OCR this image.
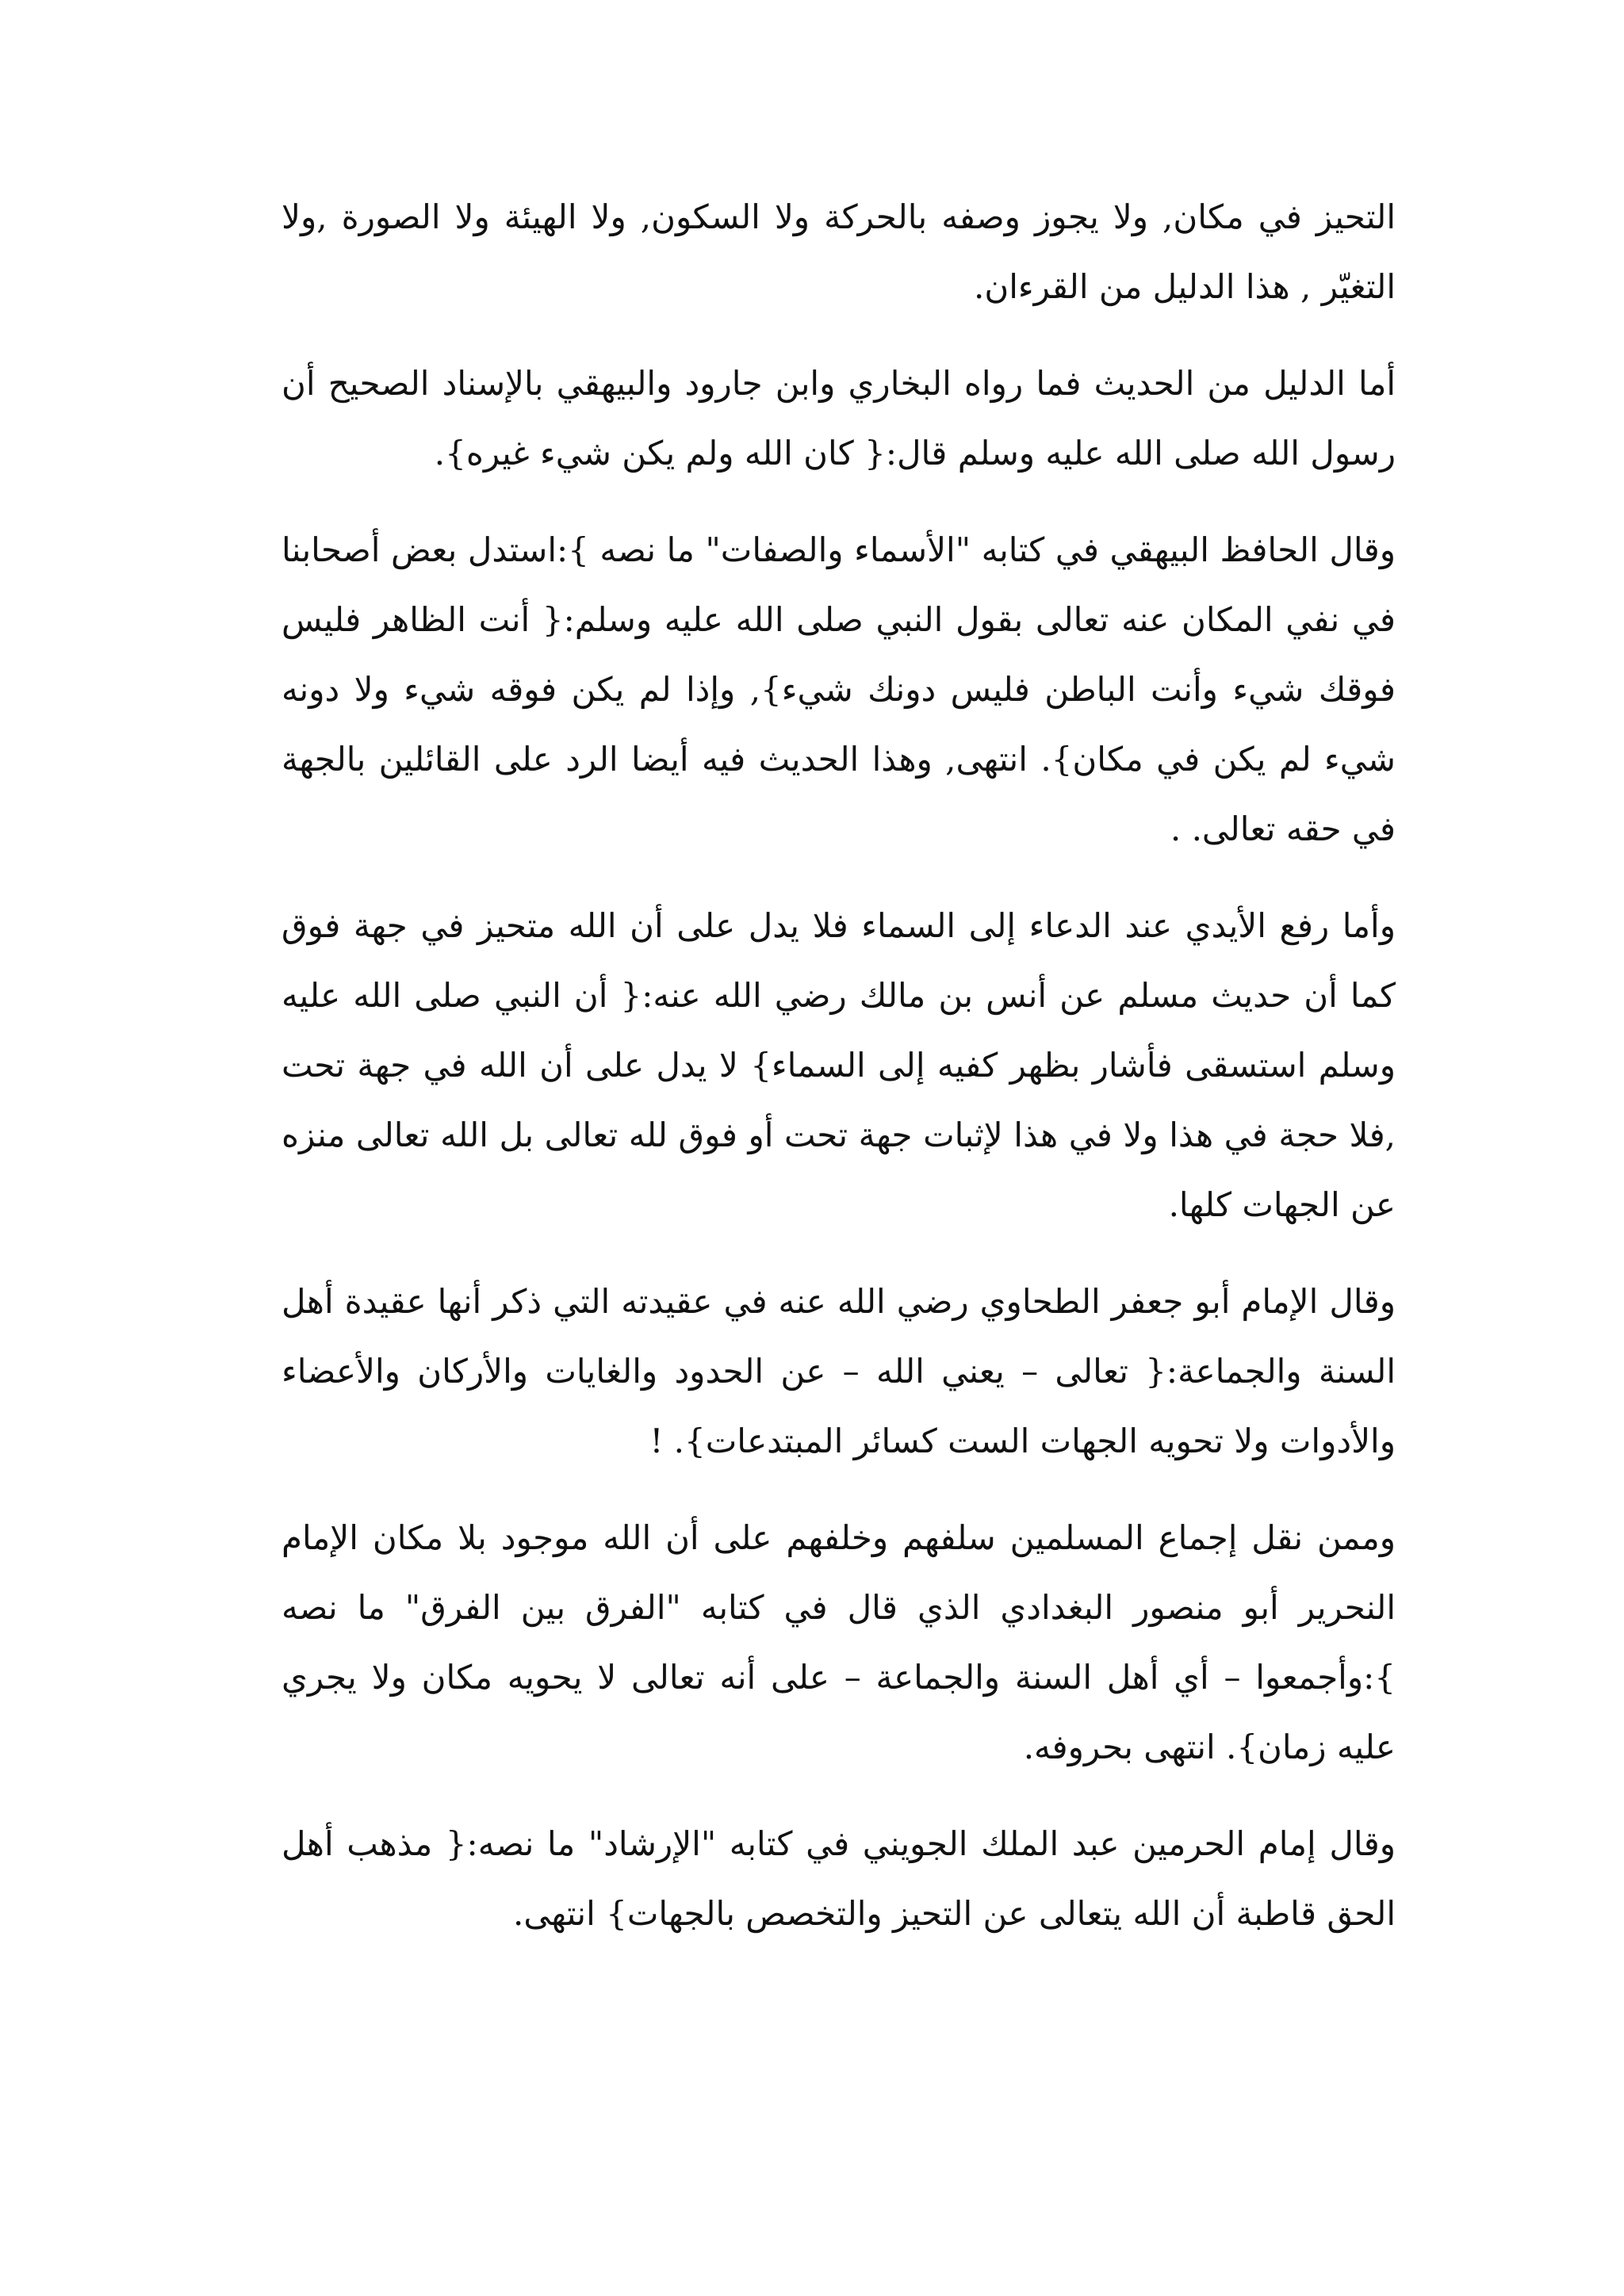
التحيز في مكان, ولا يجوز وصفه بالحركة ولا السكون, ولا الهيئة ولا الصورة ,ولا التغيّر , هذا الدليل من القرءان.

أما الدليل من الحديث فما رواه البخاري وابن جارود والبيهقي بالإسناد الصحيح أن رسول الله صلى الله عليه وسلم قال:{ كان الله ولم يكن شيء غيره}.

وقال الحافظ البيهقي في كتابه "الأسماء والصفات" ما نصه }:استدل بعض أصحابنا في نفي المكان عنه تعالى بقول النبي صلى الله عليه وسلم:{ أنت الظاهر فليس فوقك شيء وأنت الباطن فليس دونك شيء}, وإذا لم يكن فوقه شيء ولا دونه شيء لم يكن في مكان}. انتهى, وهذا الحديث فيه أيضا الرد على القائلين بالجهة في حقه تعالى. .

وأما رفع الأيدي عند الدعاء إلى السماء فلا يدل على أن الله متحيز في جهة فوق كما أن حديث مسلم عن أنس بن مالك رضي الله عنه:{ أن النبي صلى الله عليه وسلم استسقى فأشار بظهر كفيه إلى السماء} لا يدل على أن الله في جهة تحت ,فلا حجة في هذا ولا في هذا لإثبات جهة تحت أو فوق لله تعالى بل الله تعالى منزه عن الجهات كلها.

وقال الإمام أبو جعفر الطحاوي رضي الله عنه في عقيدته التي ذكر أنها عقيدة أهل السنة والجماعة:{ تعالى – يعني الله – عن الحدود والغايات والأركان والأعضاء والأدوات ولا تحويه الجهات الست كسائر المبتدعات}. !

وممن نقل إجماع المسلمين سلفهم وخلفهم على أن الله موجود بلا مكان الإمام النحرير أبو منصور البغدادي الذي قال في كتابه "الفرق بين الفرق" ما نصه }:وأجمعوا – أي أهل السنة والجماعة – على أنه تعالى لا يحويه مكان ولا يجري عليه زمان}. انتهى بحروفه.

وقال إمام الحرمين عبد الملك الجويني في كتابه "الإرشاد" ما نصه:{ مذهب أهل الحق قاطبة أن الله يتعالى عن التحيز والتخصص بالجهات} انتهى.
